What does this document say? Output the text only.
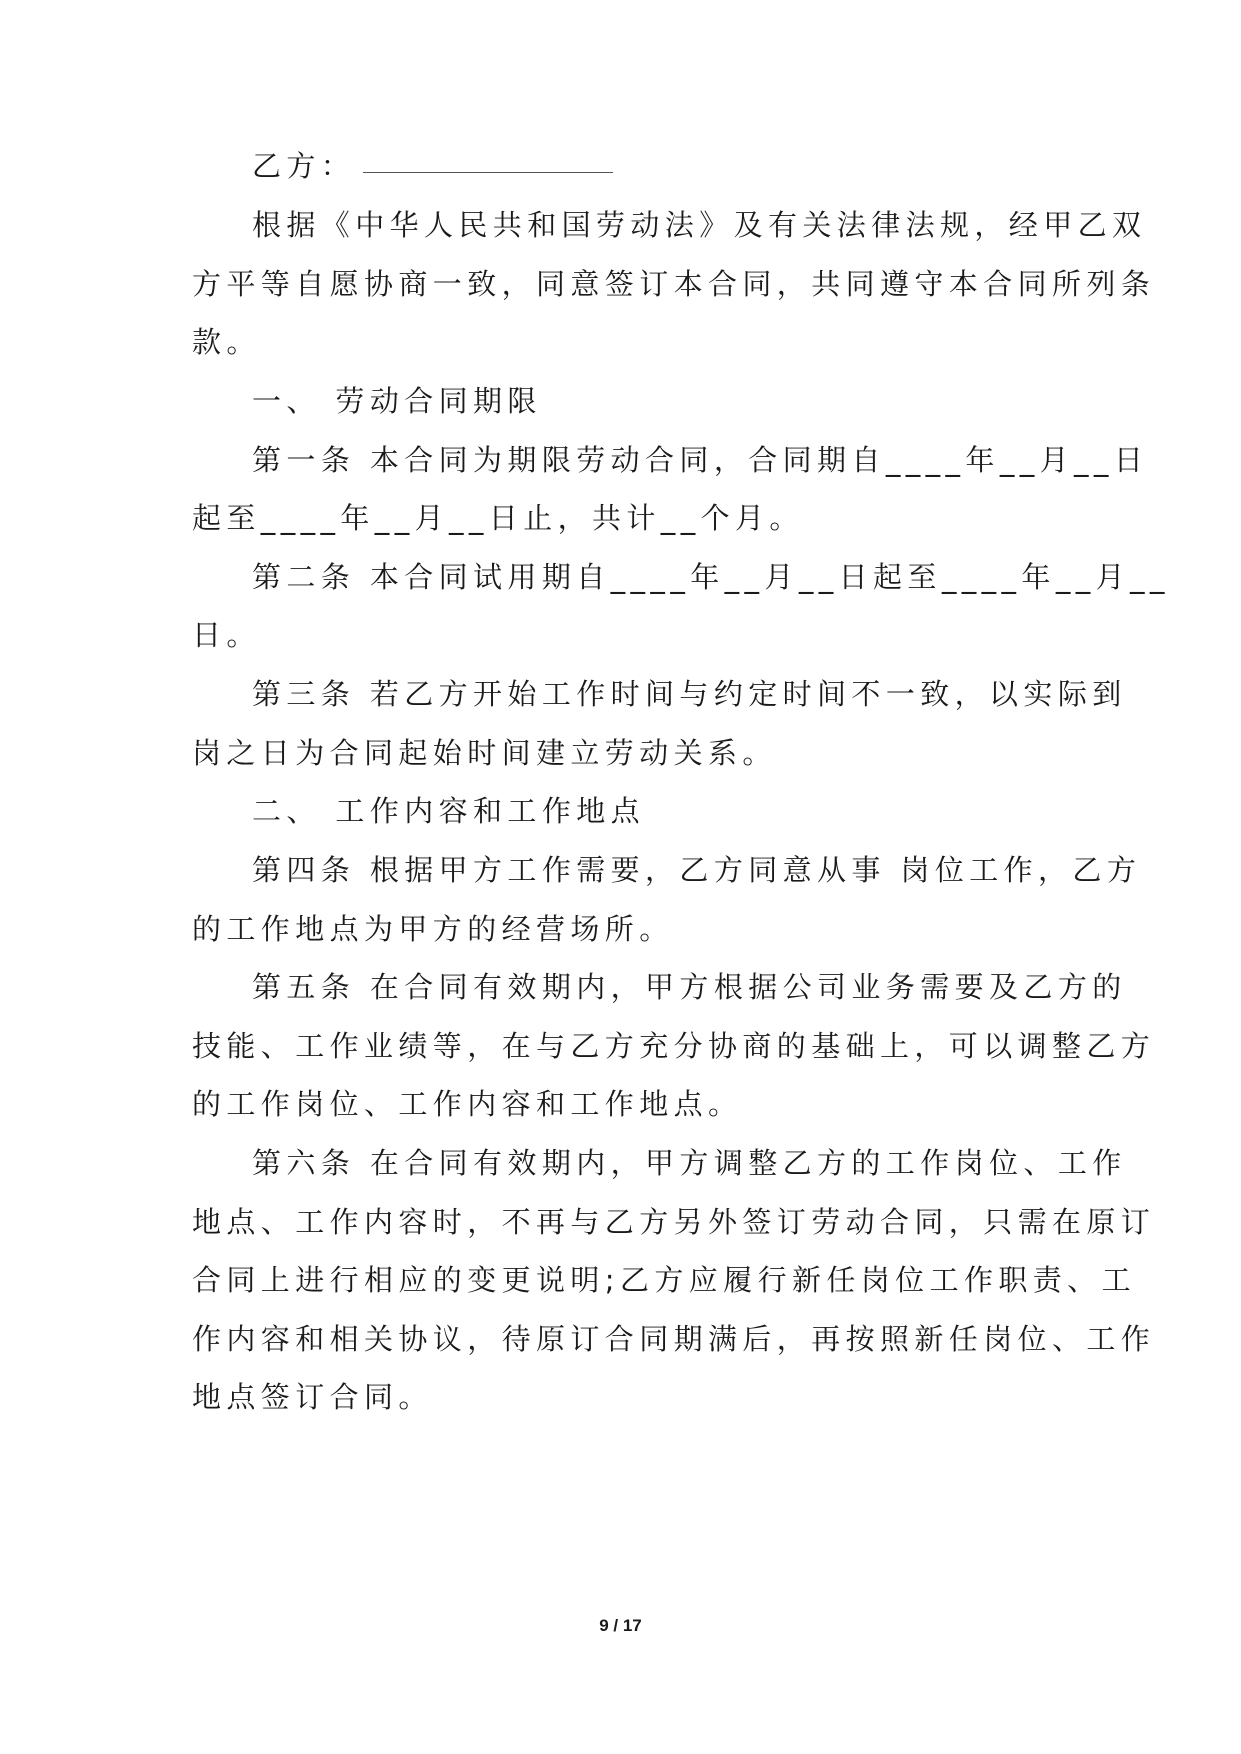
乙方：
根据《中华人民共和国劳动法》及有关法律法规，经甲乙双
方平等自愿协商一致，同意签订本合同，共同遵守本合同所列条
款。
一、 劳动合同期限
第一条 本合同为期限劳动合同，合同期自____年__月__日
起至____年__月__日止，共计__个月。
第二条 本合同试用期自____年__月__日起至____年__月__
日。
第三条 若乙方开始工作时间与约定时间不一致，以实际到
岗之日为合同起始时间建立劳动关系。
二、 工作内容和工作地点
第四条 根据甲方工作需要，乙方同意从事 岗位工作，乙方
的工作地点为甲方的经营场所。
第五条 在合同有效期内，甲方根据公司业务需要及乙方的
技能、工作业绩等，在与乙方充分协商的基础上，可以调整乙方
的工作岗位、工作内容和工作地点。
第六条 在合同有效期内，甲方调整乙方的工作岗位、工作
地点、工作内容时，不再与乙方另外签订劳动合同，只需在原订
合同上进行相应的变更说明;乙方应履行新任岗位工作职责、工
作内容和相关协议，待原订合同期满后，再按照新任岗位、工作
地点签订合同。
9 / 17
